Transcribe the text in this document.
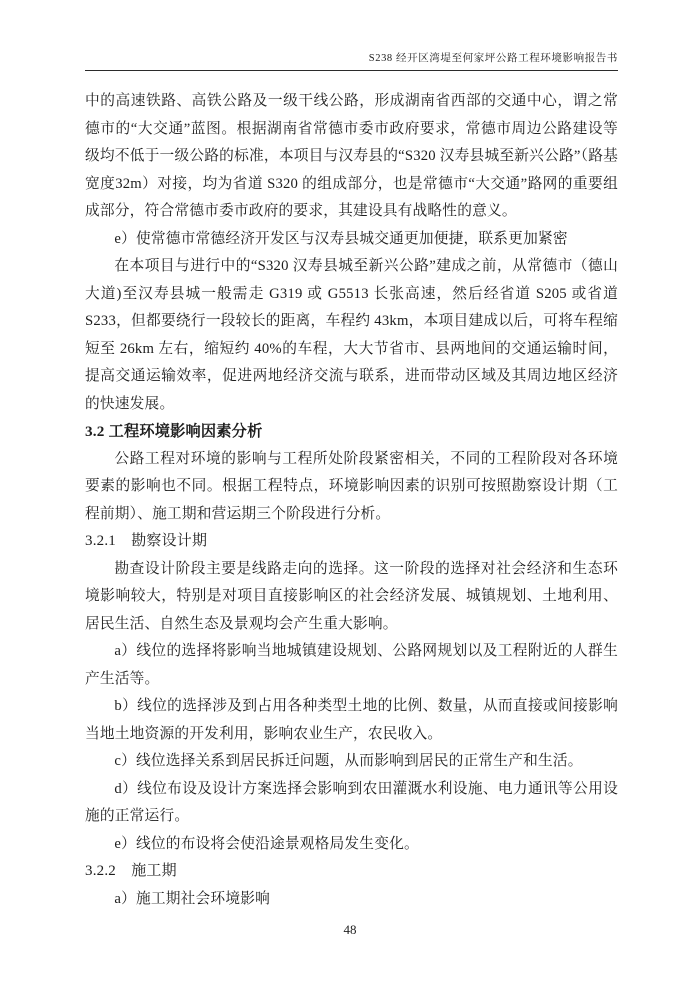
S238 经开区湾堤至何家坪公路工程环境影响报告书
中的高速铁路、高铁公路及一级干线公路，形成湖南省西部的交通中心，谓之常德市的“大交通”蓝图。根据湖南省常德市委市政府要求，常德市周边公路建设等级均不低于一级公路的标准，本项目与汉寿县的“S320 汉寿县城至新兴公路”（路基宽度32m）对接，均为省道 S320 的组成部分，也是常德市“大交通”路网的重要组成部分，符合常德市委市政府的要求，其建设具有战略性的意义。
e）使常德市常德经济开发区与汉寿县城交通更加便捷，联系更加紧密
在本项目与进行中的“S320 汉寿县城至新兴公路”建成之前，从常德市（德山大道)至汉寿县城一般需走 G319 或 G5513 长张高速，然后经省道 S205 或省道 S233，但都要绕行一段较长的距离，车程约 43km，本项目建成以后，可将车程缩短至 26km 左右，缩短约 40%的车程，大大节省市、县两地间的交通运输时间，提高交通运输效率，促进两地经济交流与联系，进而带动区域及其周边地区经济的快速发展。
3.2 工程环境影响因素分析
公路工程对环境的影响与工程所处阶段紧密相关，不同的工程阶段对各环境要素的影响也不同。根据工程特点，环境影响因素的识别可按照勘察设计期（工程前期）、施工期和营运期三个阶段进行分析。
3.2.1　勘察设计期
勘查设计阶段主要是线路走向的选择。这一阶段的选择对社会经济和生态环境影响较大，特别是对项目直接影响区的社会经济发展、城镇规划、土地利用、居民生活、自然生态及景观均会产生重大影响。
a）线位的选择将影响当地城镇建设规划、公路网规划以及工程附近的人群生产生活等。
b）线位的选择涉及到占用各种类型土地的比例、数量，从而直接或间接影响当地土地资源的开发利用，影响农业生产，农民收入。
c）线位选择关系到居民拆迁问题，从而影响到居民的正常生产和生活。
d）线位布设及设计方案选择会影响到农田灌溉水利设施、电力通讯等公用设施的正常运行。
e）线位的布设将会使沿途景观格局发生变化。
3.2.2　施工期
a）施工期社会环境影响
48
